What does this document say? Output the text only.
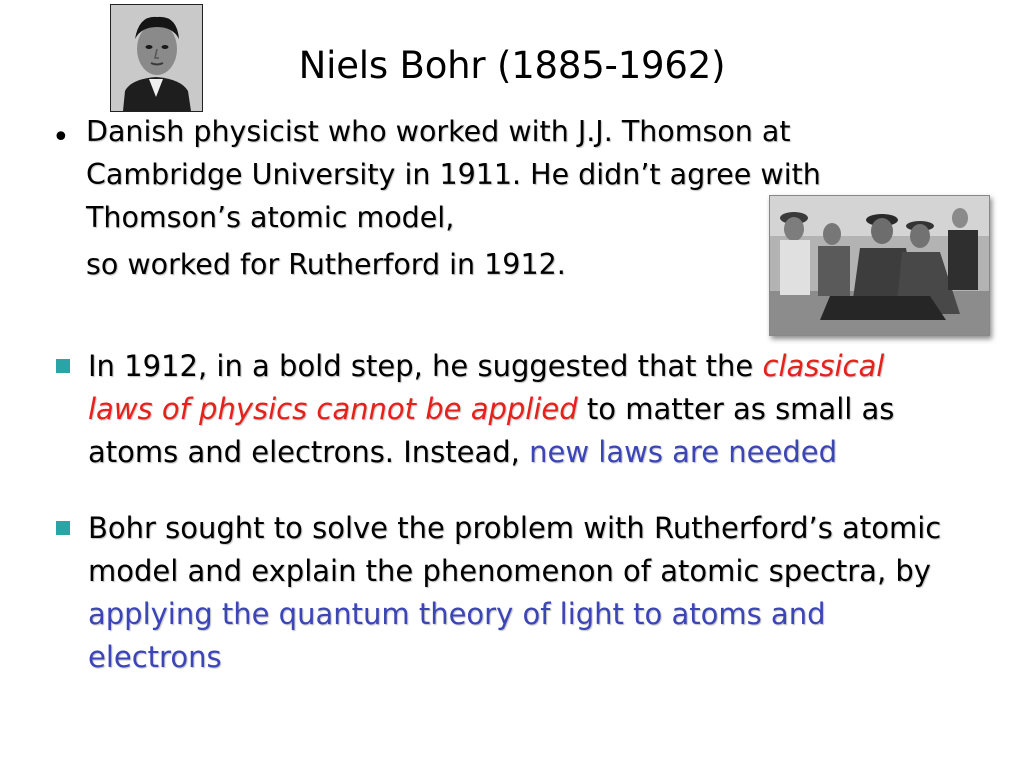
Niels Bohr (1885-1962)
• Danish physicist who worked with J.J. Thomson at Cambridge University in 1911. He didn’t agree with Thomson’s atomic model,
so worked for Rutherford in 1912.
In 1912, in a bold step, he suggested that the classical laws of physics cannot be applied to matter as small as atoms and electrons. Instead, new laws are needed
Bohr sought to solve the problem with Rutherford’s atomic model and explain the phenomenon of atomic spectra, by applying the quantum theory of light to atoms and electrons
